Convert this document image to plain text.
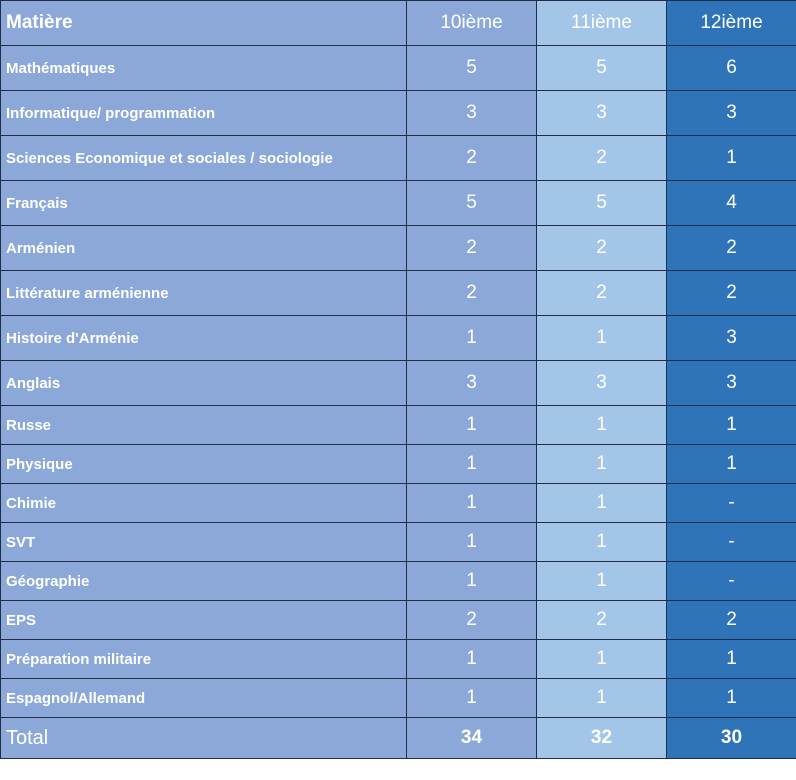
Matière	10ième	11ième	12ième
Mathématiques	5	5	6
Informatique/ programmation	3	3	3
Sciences Economique et sociales / sociologie	2	2	1
Français	5	5	4
Arménien	2	2	2
Littérature arménienne	2	2	2
Histoire d'Arménie	1	1	3
Anglais	3	3	3
Russe	1	1	1
Physique	1	1	1
Chimie	1	1	-
SVT	1	1	-
Géographie	1	1	-
EPS	2	2	2
Préparation militaire	1	1	1
Espagnol/Allemand	1	1	1
Total	34	32	30
